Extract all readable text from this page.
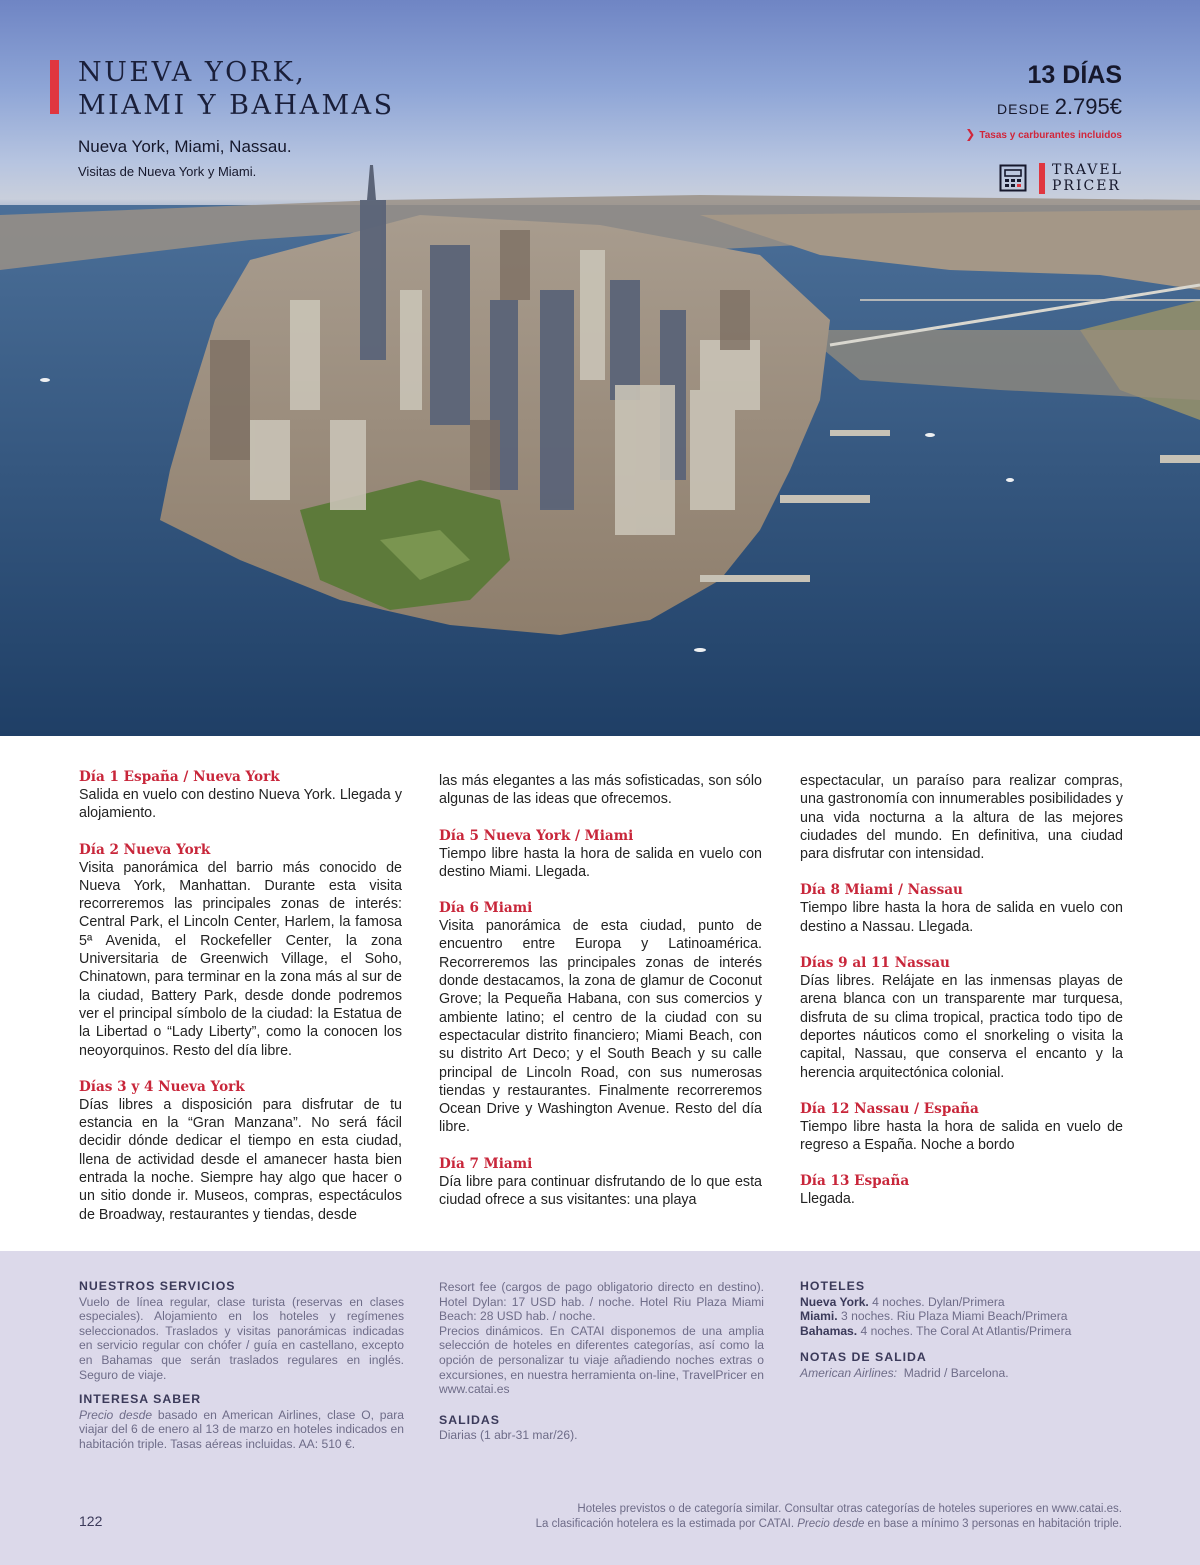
NUEVA YORK,
MIAMI Y BAHAMAS
Nueva York, Miami, Nassau.
Visitas de Nueva York y Miami.
13 DÍAS
DESDE 2.795€
❯ Tasas y carburantes incluidos
TRAVEL
PRICER
Día 1 España / Nueva York

Salida en vuelo con destino Nueva York. Llegada y alojamiento.

Día 2 Nueva York

Visita panorámica del barrio más conocido de Nueva York, Manhattan. Durante esta visita recorreremos las principales zonas de interés: Central Park, el Lincoln Center, Harlem, la famosa 5ª Avenida, el Rockefeller Center, la zona Universitaria de Greenwich Village, el Soho, Chinatown, para terminar en la zona más al sur de la ciudad, Battery Park, desde donde podremos ver el principal símbolo de la ciudad: la Estatua de la Libertad o “Lady Liberty”, como la conocen los neoyorquinos. Resto del día libre.

Días 3 y 4 Nueva York

Días libres a disposición para disfrutar de tu estancia en la “Gran Manzana”. No será fácil decidir dónde dedicar el tiempo en esta ciudad, llena de actividad desde el amanecer hasta bien entrada la noche. Siempre hay algo que hacer o un sitio donde ir. Museos, compras, espectáculos de Broadway, restaurantes y tiendas, desde

las más elegantes a las más sofisticadas, son sólo algunas de las ideas que ofrecemos.

Día 5 Nueva York / Miami

Tiempo libre hasta la hora de salida en vuelo con destino Miami. Llegada.

Día 6 Miami

Visita panorámica de esta ciudad, punto de encuentro entre Europa y Latinoamérica. Recorreremos las principales zonas de interés donde destacamos, la zona de glamur de Coconut Grove; la Pequeña Habana, con sus comercios y ambiente latino; el centro de la ciudad con su espectacular distrito financiero; Miami Beach, con su distrito Art Deco; y el South Beach y su calle principal de Lincoln Road, con sus numerosas tiendas y restaurantes. Finalmente recorreremos Ocean Drive y Washington Avenue. Resto del día libre.

Día 7 Miami

Día libre para continuar disfrutando de lo que esta ciudad ofrece a sus visitantes: una playa

espectacular, un paraíso para realizar compras, una gastronomía con innumerables posibilidades y una vida nocturna a la altura de las mejores ciudades del mundo. En definitiva, una ciudad para disfrutar con intensidad.

Día 8 Miami / Nassau

Tiempo libre hasta la hora de salida en vuelo con destino a Nassau. Llegada.

Días 9 al 11 Nassau

Días libres. Relájate en las inmensas playas de arena blanca con un transparente mar turquesa, disfruta de su clima tropical, practica todo tipo de deportes náuticos como el snorkeling o visita la capital, Nassau, que conserva el encanto y la herencia arquitectónica colonial.

Día 12 Nassau / España

Tiempo libre hasta la hora de salida en vuelo de regreso a España. Noche a bordo

Día 13 España

Llegada.

NUESTROS SERVICIOS

Vuelo de línea regular, clase turista (reservas en clases especiales). Alojamiento en los hoteles y regímenes seleccionados. Traslados y visitas panorámicas indicadas en servicio regular con chófer / guía en castellano, excepto en Bahamas que serán traslados regulares en inglés. Seguro de viaje.

INTERESA SABER

Precio desde basado en American Airlines, clase O, para viajar del 6 de enero al 13 de marzo en hoteles indicados en habitación triple. Tasas aéreas incluidas. AA: 510 €.

Resort fee (cargos de pago obligatorio directo en destino). Hotel Dylan: 17 USD hab. / noche. Hotel Riu Plaza Miami Beach: 28 USD hab. / noche.

Precios dinámicos. En CATAI disponemos de una amplia selección de hoteles en diferentes categorías, así como la opción de personalizar tu viaje añadiendo noches extras o excursiones, en nuestra herramienta on-line, TravelPricer en www.catai.es

SALIDAS

Diarias (1 abr-31 mar/26).

HOTELES

Nueva York. 4 noches. Dylan/Primera

Miami. 3 noches. Riu Plaza Miami Beach/Primera

Bahamas. 4 noches. The Coral At Atlantis/Primera

NOTAS DE SALIDA

American Airlines:  Madrid / Barcelona.

122
Hoteles previstos o de categoría similar. Consultar otras categorías de hoteles superiores en www.catai.es.
La clasificación hotelera es la estimada por CATAI. Precio desde en base a mínimo 3 personas en habitación triple.
